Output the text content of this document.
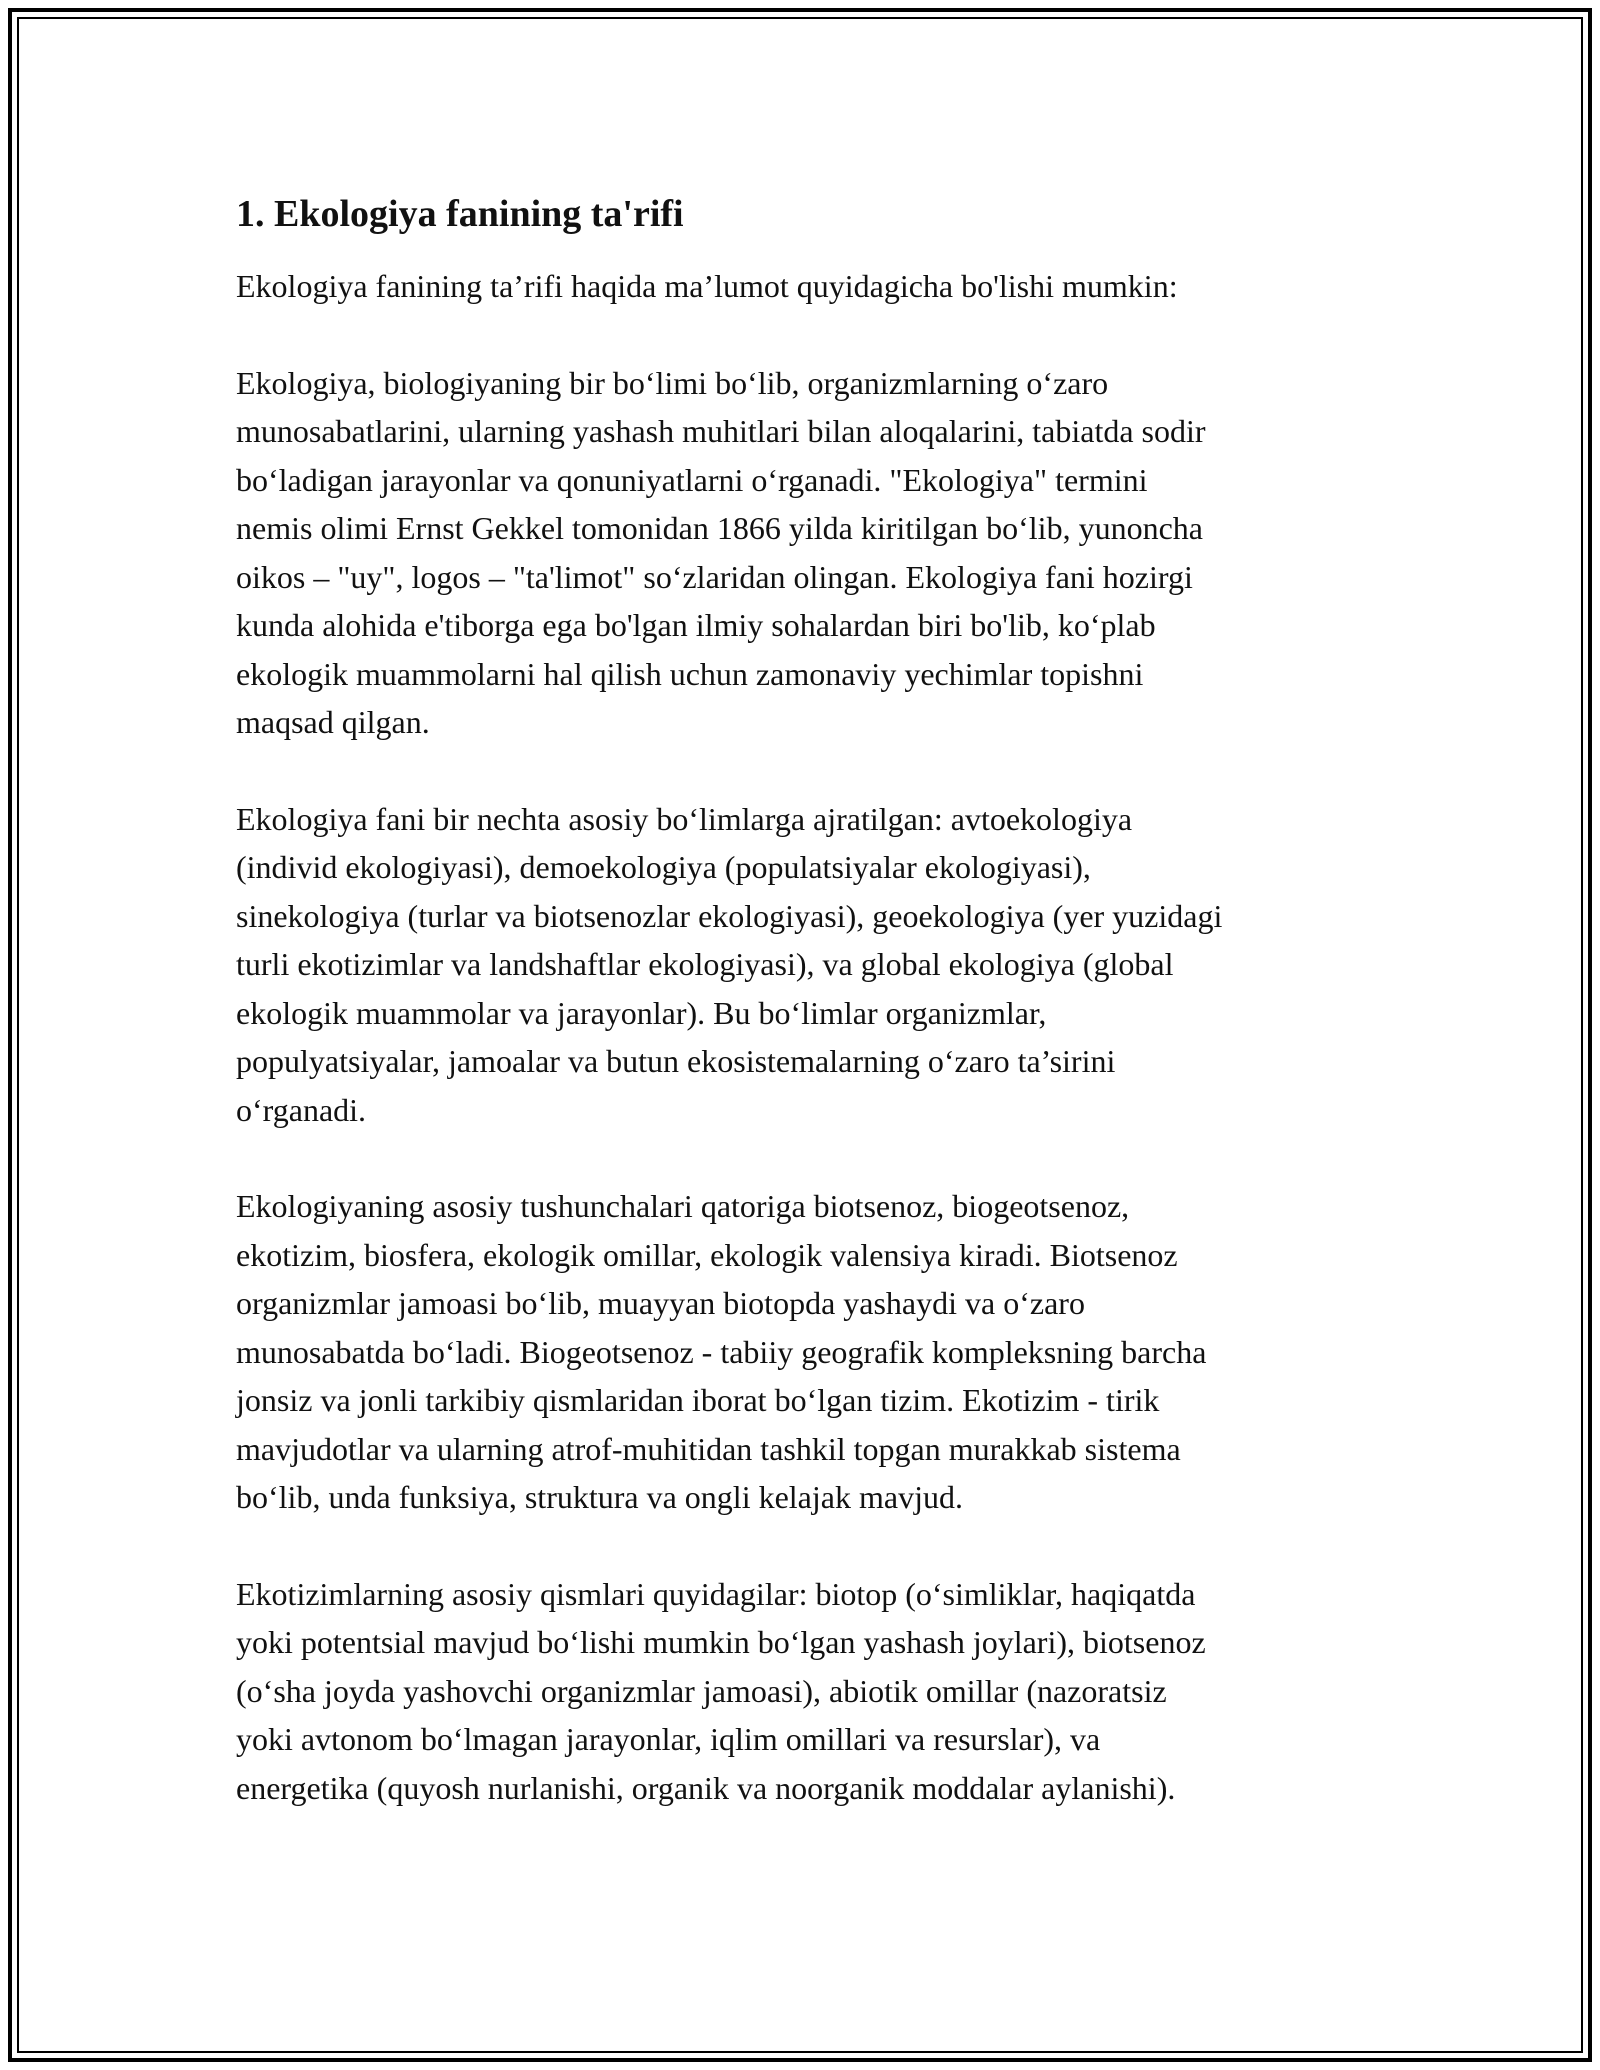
1. Ekologiya fanining ta'rifi

Ekologiya fanining ta’rifi haqida ma’lumot quyidagicha bo'lishi mumkin:

Ekologiya, biologiyaning bir boʻlimi boʻlib, organizmlarning oʻzaro
munosabatlarini, ularning yashash muhitlari bilan aloqalarini, tabiatda sodir
boʻladigan jarayonlar va qonuniyatlarni oʻrganadi. "Ekologiya" termini
nemis olimi Ernst Gekkel tomonidan 1866 yilda kiritilgan boʻlib, yunoncha
oikos – "uy", logos – "ta'limot" soʻzlaridan olingan. Ekologiya fani hozirgi
kunda alohida e'tiborga ega bo'lgan ilmiy sohalardan biri bo'lib, koʻplab
ekologik muammolarni hal qilish uchun zamonaviy yechimlar topishni
maqsad qilgan.

Ekologiya fani bir nechta asosiy boʻlimlarga ajratilgan: avtoekologiya
(individ ekologiyasi), demoekologiya (populatsiyalar ekologiyasi),
sinekologiya (turlar va biotsenozlar ekologiyasi), geoekologiya (yer yuzidagi
turli ekotizimlar va landshaftlar ekologiyasi), va global ekologiya (global
ekologik muammolar va jarayonlar). Bu boʻlimlar organizmlar,
populyatsiyalar, jamoalar va butun ekosistemalarning oʻzaro ta’sirini
oʻrganadi.

Ekologiyaning asosiy tushunchalari qatoriga biotsenoz, biogeotsenoz,
ekotizim, biosfera, ekologik omillar, ekologik valensiya kiradi. Biotsenoz
organizmlar jamoasi boʻlib, muayyan biotopda yashaydi va oʻzaro
munosabatda boʻladi. Biogeotsenoz - tabiiy geografik kompleksning barcha
jonsiz va jonli tarkibiy qismlaridan iborat boʻlgan tizim. Ekotizim - tirik
mavjudotlar va ularning atrof-muhitidan tashkil topgan murakkab sistema
boʻlib, unda funksiya, struktura va ongli kelajak mavjud.

Ekotizimlarning asosiy qismlari quyidagilar: biotop (oʻsimliklar, haqiqatda
yoki potentsial mavjud boʻlishi mumkin boʻlgan yashash joylari), biotsenoz
(oʻsha joyda yashovchi organizmlar jamoasi), abiotik omillar (nazoratsiz
yoki avtonom boʻlmagan jarayonlar, iqlim omillari va resurslar), va
energetika (quyosh nurlanishi, organik va noorganik moddalar aylanishi).
